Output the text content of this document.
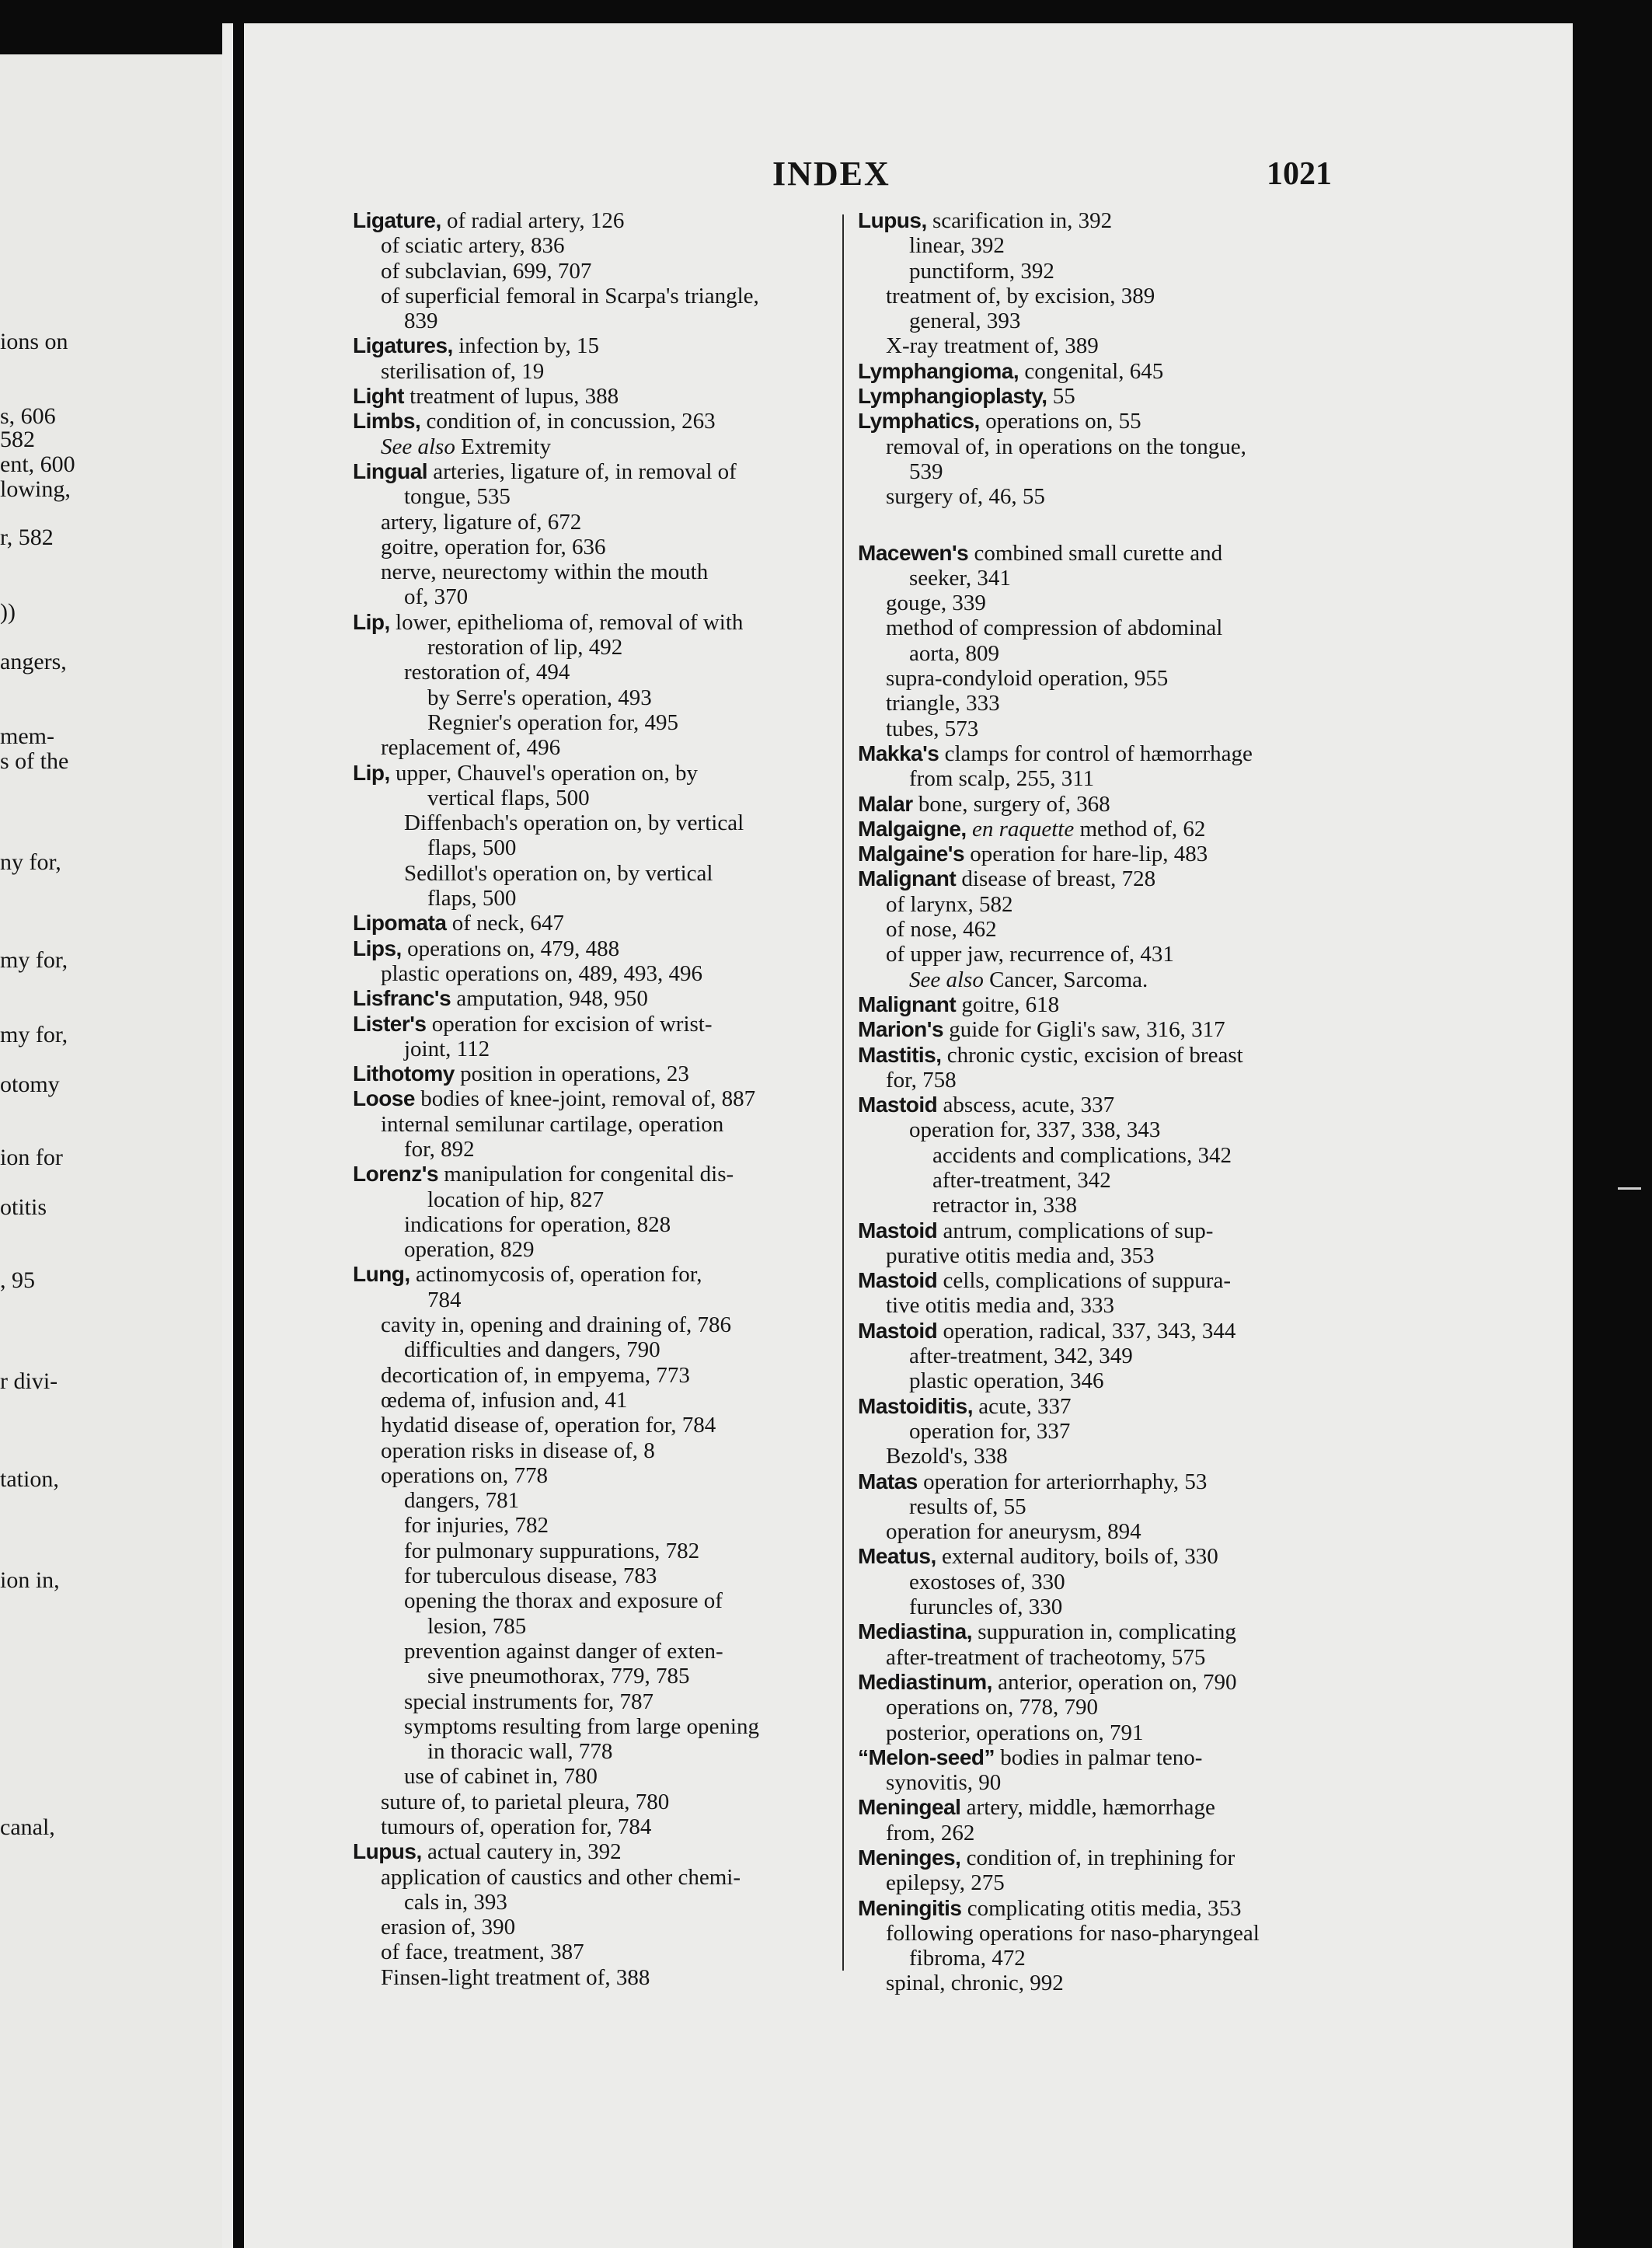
ions on
s, 606
582
ent, 600
lowing,
r, 582
))
angers,
mem-
s of the
ny for,
my for,
my for,
otomy
ion for
otitis
, 95
r divi-
tation,
ion in,
canal,
INDEX	1021
Ligature, of radial artery, 126
of sciatic artery, 836
of subclavian, 699, 707
of superficial femoral in Scarpa's triangle,
839
Ligatures, infection by, 15
sterilisation of, 19
Light treatment of lupus, 388
Limbs, condition of, in concussion, 263
See also Extremity
Lingual arteries, ligature of, in removal of
tongue, 535
artery, ligature of, 672
goitre, operation for, 636
nerve, neurectomy within the mouth
of, 370
Lip, lower, epithelioma of, removal of with
restoration of lip, 492
restoration of, 494
by Serre's operation, 493
Regnier's operation for, 495
replacement of, 496
Lip, upper, Chauvel's operation on, by
vertical flaps, 500
Diffenbach's operation on, by vertical
flaps, 500
Sedillot's operation on, by vertical
flaps, 500
Lipomata of neck, 647
Lips, operations on, 479, 488
plastic operations on, 489, 493, 496
Lisfranc's amputation, 948, 950
Lister's operation for excision of wrist-
joint, 112
Lithotomy position in operations, 23
Loose bodies of knee-joint, removal of, 887
internal semilunar cartilage, operation
for, 892
Lorenz's manipulation for congenital dis-
location of hip, 827
indications for operation, 828
operation, 829
Lung, actinomycosis of, operation for,
784
cavity in, opening and draining of, 786
difficulties and dangers, 790
decortication of, in empyema, 773
œdema of, infusion and, 41
hydatid disease of, operation for, 784
operation risks in disease of, 8
operations on, 778
dangers, 781
for injuries, 782
for pulmonary suppurations, 782
for tuberculous disease, 783
opening the thorax and exposure of
lesion, 785
prevention against danger of exten-
sive pneumothorax, 779, 785
special instruments for, 787
symptoms resulting from large opening
in thoracic wall, 778
use of cabinet in, 780
suture of, to parietal pleura, 780
tumours of, operation for, 784
Lupus, actual cautery in, 392
application of caustics and other chemi-
cals in, 393
erasion of, 390
of face, treatment, 387
Finsen-light treatment of, 388
Lupus, scarification in, 392
linear, 392
punctiform, 392
treatment of, by excision, 389
general, 393
X-ray treatment of, 389
Lymphangioma, congenital, 645
Lymphangioplasty, 55
Lymphatics, operations on, 55
removal of, in operations on the tongue,
539
surgery of, 46, 55
Macewen's combined small curette and
seeker, 341
gouge, 339
method of compression of abdominal
aorta, 809
supra-condyloid operation, 955
triangle, 333
tubes, 573
Makka's clamps for control of hæmorrhage
from scalp, 255, 311
Malar bone, surgery of, 368
Malgaigne, en raquette method of, 62
Malgaine's operation for hare-lip, 483
Malignant disease of breast, 728
of larynx, 582
of nose, 462
of upper jaw, recurrence of, 431
See also Cancer, Sarcoma.
Malignant goitre, 618
Marion's guide for Gigli's saw, 316, 317
Mastitis, chronic cystic, excision of breast
for, 758
Mastoid abscess, acute, 337
operation for, 337, 338, 343
accidents and complications, 342
after-treatment, 342
retractor in, 338
Mastoid antrum, complications of sup-
purative otitis media and, 353
Mastoid cells, complications of suppura-
tive otitis media and, 333
Mastoid operation, radical, 337, 343, 344
after-treatment, 342, 349
plastic operation, 346
Mastoiditis, acute, 337
operation for, 337
Bezold's, 338
Matas operation for arteriorrhaphy, 53
results of, 55
operation for aneurysm, 894
Meatus, external auditory, boils of, 330
exostoses of, 330
furuncles of, 330
Mediastina, suppuration in, complicating
after-treatment of tracheotomy, 575
Mediastinum, anterior, operation on, 790
operations on, 778, 790
posterior, operations on, 791
“Melon-seed” bodies in palmar teno-
synovitis, 90
Meningeal artery, middle, hæmorrhage
from, 262
Meninges, condition of, in trephining for
epilepsy, 275
Meningitis complicating otitis media, 353
following operations for naso-pharyngeal
fibroma, 472
spinal, chronic, 992
